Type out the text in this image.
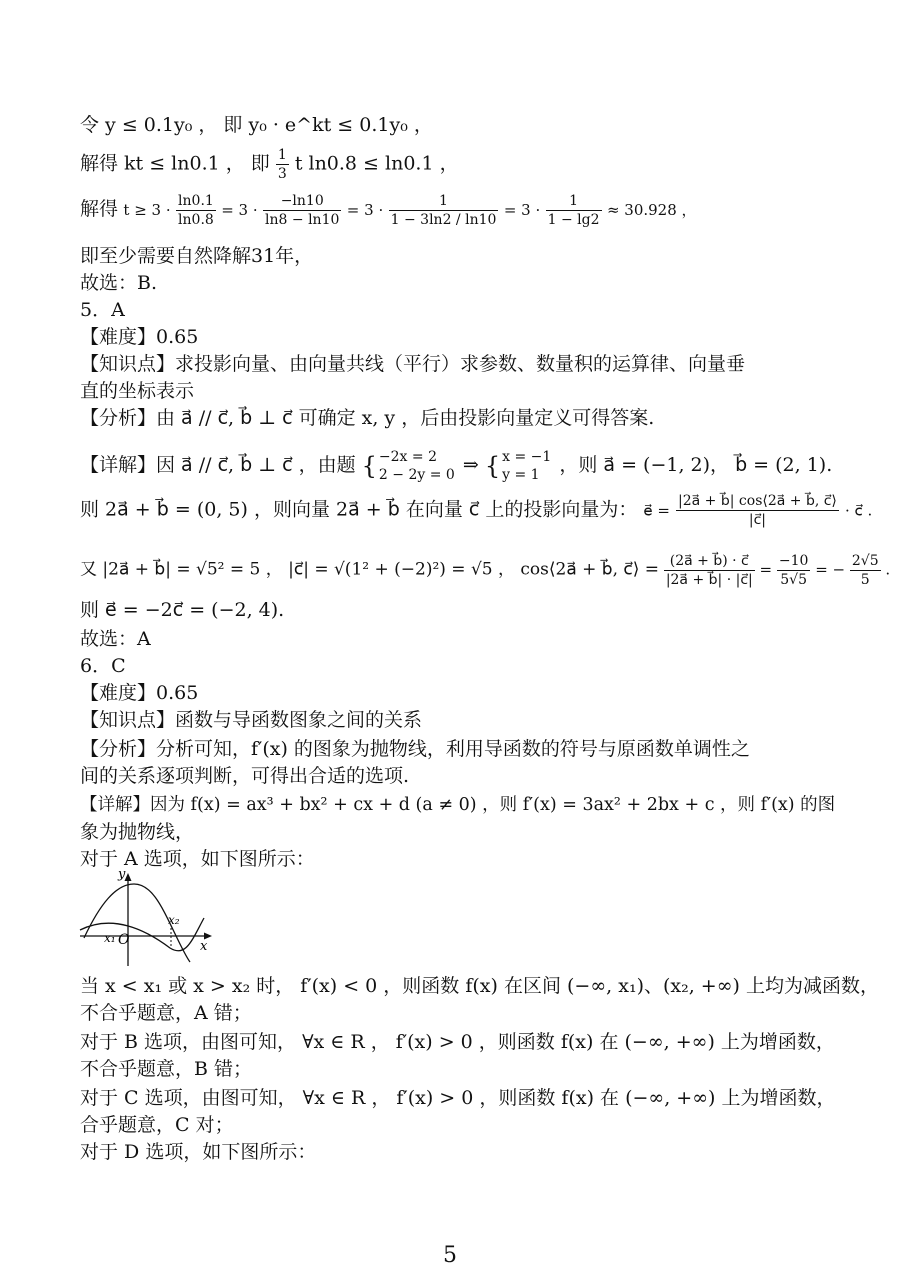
令 y ≤ 0.1y₀ ， 即 y₀ · e^kt ≤ 0.1y₀ ，
解得 kt ≤ ln0.1 ， 即 $\frac{1}{3}$ t ln0.8 ≤ ln0.1 ，
解得 $t \ge 3 \cdot \frac{\ln 0.1}{\ln 0.8} = 3 \cdot \frac{-\ln 10}{\ln 8 - \ln 10} = 3 \cdot \frac{1}{1 - 3\ln 2 / \ln 10} = 3 \cdot \frac{1}{1 - \lg 2} \approx 30.928$ ，
即至少需要自然降解31年，
故选：B.
5．A
【难度】0.65
【知识点】求投影向量、由向量共线（平行）求参数、数量积的运算律、向量垂
直的坐标表示
【分析】由 a⃗ // c⃗, b⃗ ⊥ c⃗ 可确定 x, y ，后由投影向量定义可得答案.
【详解】因 a⃗ // c⃗, b⃗ ⊥ c⃗ ，由题 { −2x = 2
2 − 2y = 0 ⇒ { x = −1
y = 1	，则 a⃗ = (−1, 2)， b⃗ = (2, 1).
则 2a⃗ + b⃗ = (0, 5) ，则向量 2a⃗ + b⃗ 在向量 c⃗ 上的投影向量为： e⃗ = $\frac{|2a⃗ + b⃗| \cos⟨2a⃗ + b⃗, c⃗⟩}{|c⃗|}$ · c⃗ .
又 |2a⃗ + b⃗| = √5² = 5 ， |c⃗| = √(1² + (−2)²) = √5 ， cos⟨2a⃗ + b⃗, c⃗⟩ = $\frac{(2a⃗ + b⃗) \cdot c⃗}{|2a⃗ + b⃗| \cdot |c⃗|} = \frac{-10}{5√5}$ = − $\frac{2√5}{5}$ .
则 e⃗ = −2c⃗ = (−2, 4).
故选：A
6．C
【难度】0.65
【知识点】函数与导函数图象之间的关系
【分析】分析可知，f′(x) 的图象为抛物线，利用导函数的符号与原函数单调性之
间的关系逐项判断，可得出合适的选项.
【详解】因为 f(x) = ax³ + bx² + cx + d (a ≠ 0) ，则 f′(x) = 3ax² + 2bx + c ，则 f′(x) 的图
象为抛物线，
对于 A 选项，如下图所示：
y
x
x₁ O
x₂
当 x < x₁ 或 x > x₂ 时， f′(x) < 0 ，则函数 f(x) 在区间 (−∞, x₁)、(x₂, +∞) 上均为减函数，
不合乎题意，A 错；
对于 B 选项，由图可知， ∀x ∈ R ， f′(x) > 0 ，则函数 f(x) 在 (−∞, +∞) 上为增函数，
不合乎题意，B 错；
对于 C 选项，由图可知， ∀x ∈ R ， f′(x) > 0 ，则函数 f(x) 在 (−∞, +∞) 上为增函数，
合乎题意，C 对；
对于 D 选项，如下图所示：
5
